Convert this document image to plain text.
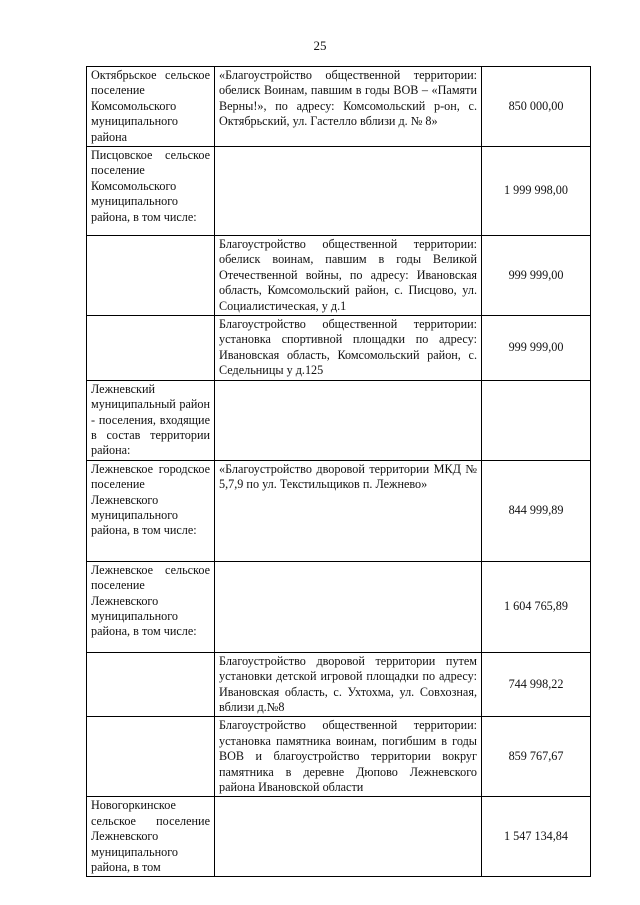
25
Октябрьское сельское поселение Комсомольского муниципального района	«Благоустройство общественной территории: обелиск Воинам, павшим в годы ВОВ – «Памяти Верны!», по адресу: Комсомольский р-он, с. Октябрьский, ул. Гастелло вблизи д. № 8»	850 000,00
Писцовское сельское поселение Комсомольского муниципального района, в том числе:		1 999 998,00
	Благоустройство общественной территории: обелиск воинам, павшим в годы Великой Отечественной войны, по адресу: Ивановская область, Комсомольский район, с. Писцово, ул. Социалистическая, у д.1	999 999,00
	Благоустройство общественной территории: установка спортивной площадки по адресу: Ивановская область, Комсомольский район, с. Седельницы у д.125	999 999,00
Лежневский муниципальный район - поселения, входящие в состав территории района:		
Лежневское городское поселение Лежневского муниципального района, в том числе:	«Благоустройство дворовой территории МКД № 5,7,9 по ул. Текстильщиков п. Лежнево»	844 999,89
Лежневское сельское поселение Лежневского муниципального района, в том числе:		1 604 765,89
	Благоустройство дворовой территории путем установки детской игровой площадки по адресу: Ивановская область, с. Ухтохма, ул. Совхозная, вблизи д.№8	744 998,22
	Благоустройство общественной территории: установка памятника воинам, погибшим в годы ВОВ и благоустройство территории вокруг памятника в деревне Дюпово Лежневского района Ивановской области	859 767,67
Новогоркинское сельское поселение Лежневского муниципального района, в том		1 547 134,84
